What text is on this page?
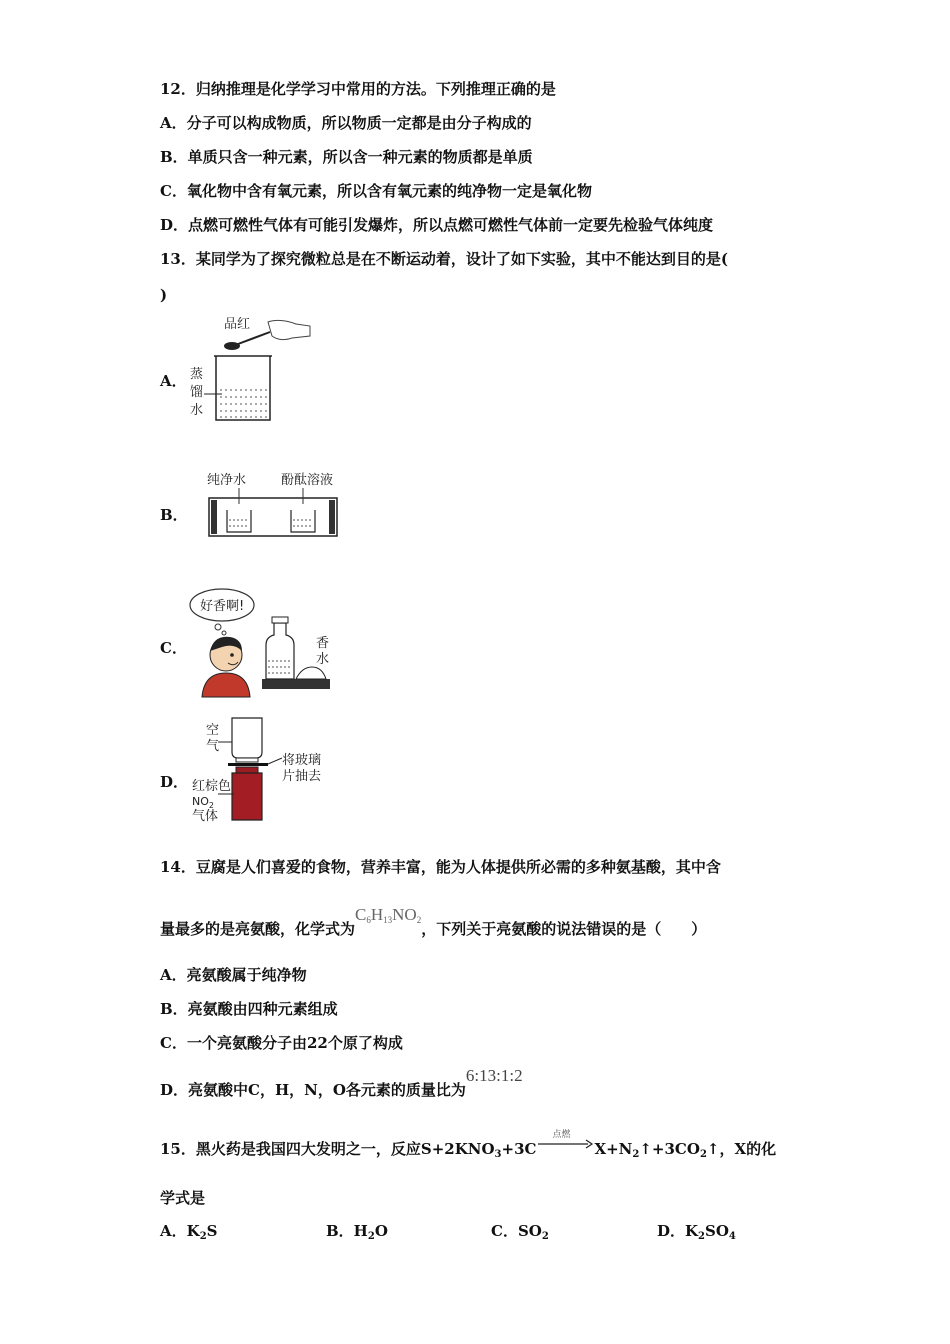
12．归纳推理是化学学习中常用的方法。下列推理正确的是
A．分子可以构成物质，所以物质一定都是由分子构成的
B．单质只含一种元素，所以含一种元素的物质都是单质
C．氧化物中含有氧元素，所以含有氧元素的纯净物一定是氧化物
D．点燃可燃性气体有可能引发爆炸，所以点燃可燃性气体前一定要先检验气体纯度
13．某同学为了探究微粒总是在不断运动着，设计了如下实验，其中不能达到目的是(
)
A．
品红
蒸
馏
水
B．
纯净水	酚酞溶液
C．
好香啊!
香
水
D．
空
气
将玻璃
片抽去
红棕色
$NO_2$
气体
14．豆腐是人们喜爱的食物，营养丰富，能为人体提供所必需的多种氨基酸，其中含
量最多的是亮氨酸，化学式为$C_6H_{13}NO_2$，下列关于亮氨酸的说法错误的是（　　）
A．亮氨酸属于纯净物
B．亮氨酸由四种元素组成
C．一个亮氨酸分子由22个原了构成
D．亮氨酸中C，H，N，O各元素的质量比为6:13:1:2
15．黑火药是我国四大发明之一，反应$S+2KNO_3+3C$
点燃
$X+N_2↑+3CO_2↑$，X的化
学式是
A．$K_2S$	B．$H_2O$	C．$SO_2$	D．$K_2SO_4$
